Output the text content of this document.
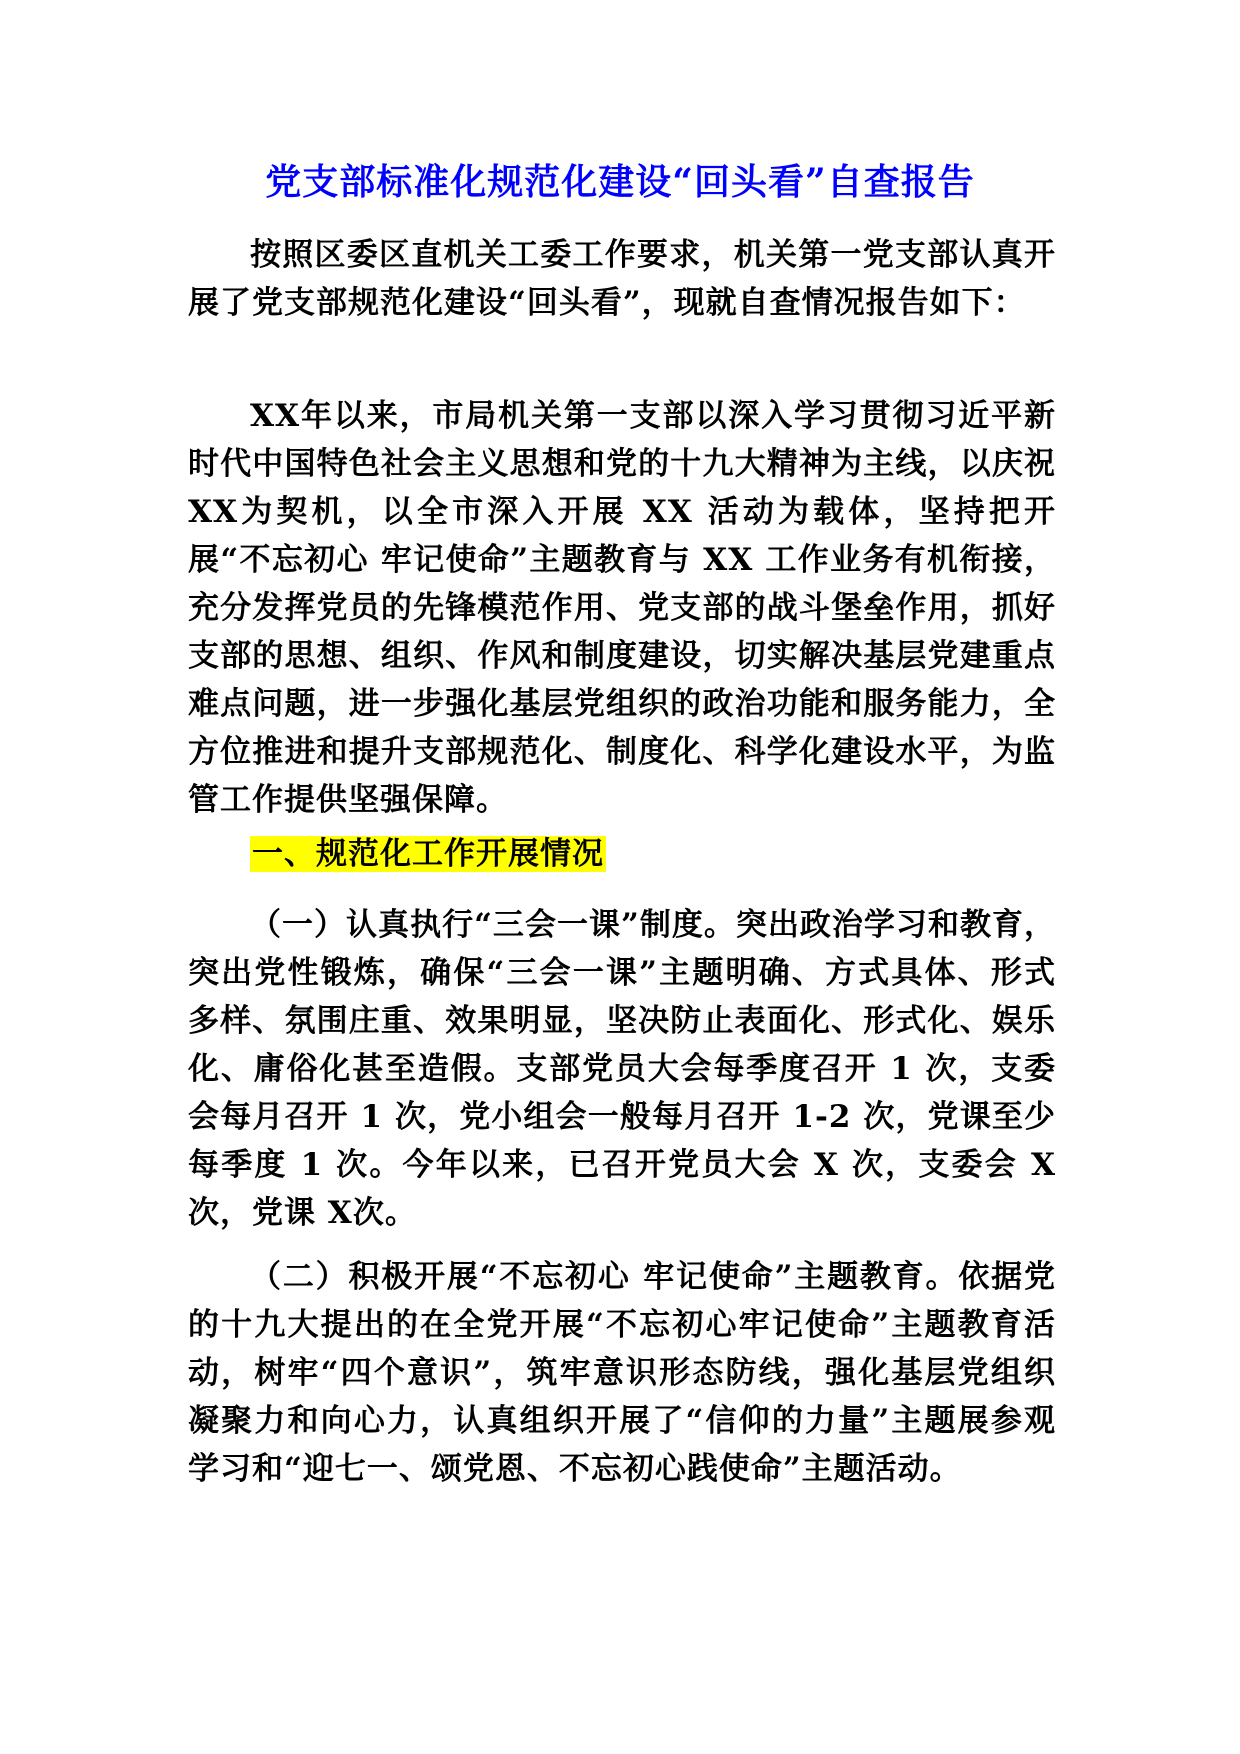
党支部标准化规范化建设“回头看”自查报告

按照区委区直机关工委工作要求，机关第一党支部认真开展了党支部规范化建设“回头看”，现就自查情况报告如下：

XX年以来，市局机关第一支部以深入学习贯彻习近平新时代中国特色社会主义思想和党的十九大精神为主线，以庆祝 XX为契机，以全市深入开展 XX 活动为载体，坚持把开展“不忘初心 牢记使命”主题教育与 XX 工作业务有机衔接，充分发挥党员的先锋模范作用、党支部的战斗堡垒作用，抓好支部的思想、组织、作风和制度建设，切实解决基层党建重点难点问题，进一步强化基层党组织的政治功能和服务能力，全方位推进和提升支部规范化、制度化、科学化建设水平，为监管工作提供坚强保障。

一、规范化工作开展情况

（一）认真执行“三会一课”制度。突出政治学习和教育，突出党性锻炼，确保“三会一课”主题明确、方式具体、形式多样、氛围庄重、效果明显，坚决防止表面化、形式化、娱乐化、庸俗化甚至造假。支部党员大会每季度召开 1 次，支委会每月召开 1 次，党小组会一般每月召开 1-2 次，党课至少每季度 1 次。今年以来，已召开党员大会 X 次，支委会 X 次，党课 X次。

（二）积极开展“不忘初心 牢记使命”主题教育。依据党的十九大提出的在全党开展“不忘初心牢记使命”主题教育活动，树牢“四个意识”，筑牢意识形态防线，强化基层党组织凝聚力和向心力，认真组织开展了“信仰的力量”主题展参观学习和“迎七一、颂党恩、不忘初心践使命”主题活动。
